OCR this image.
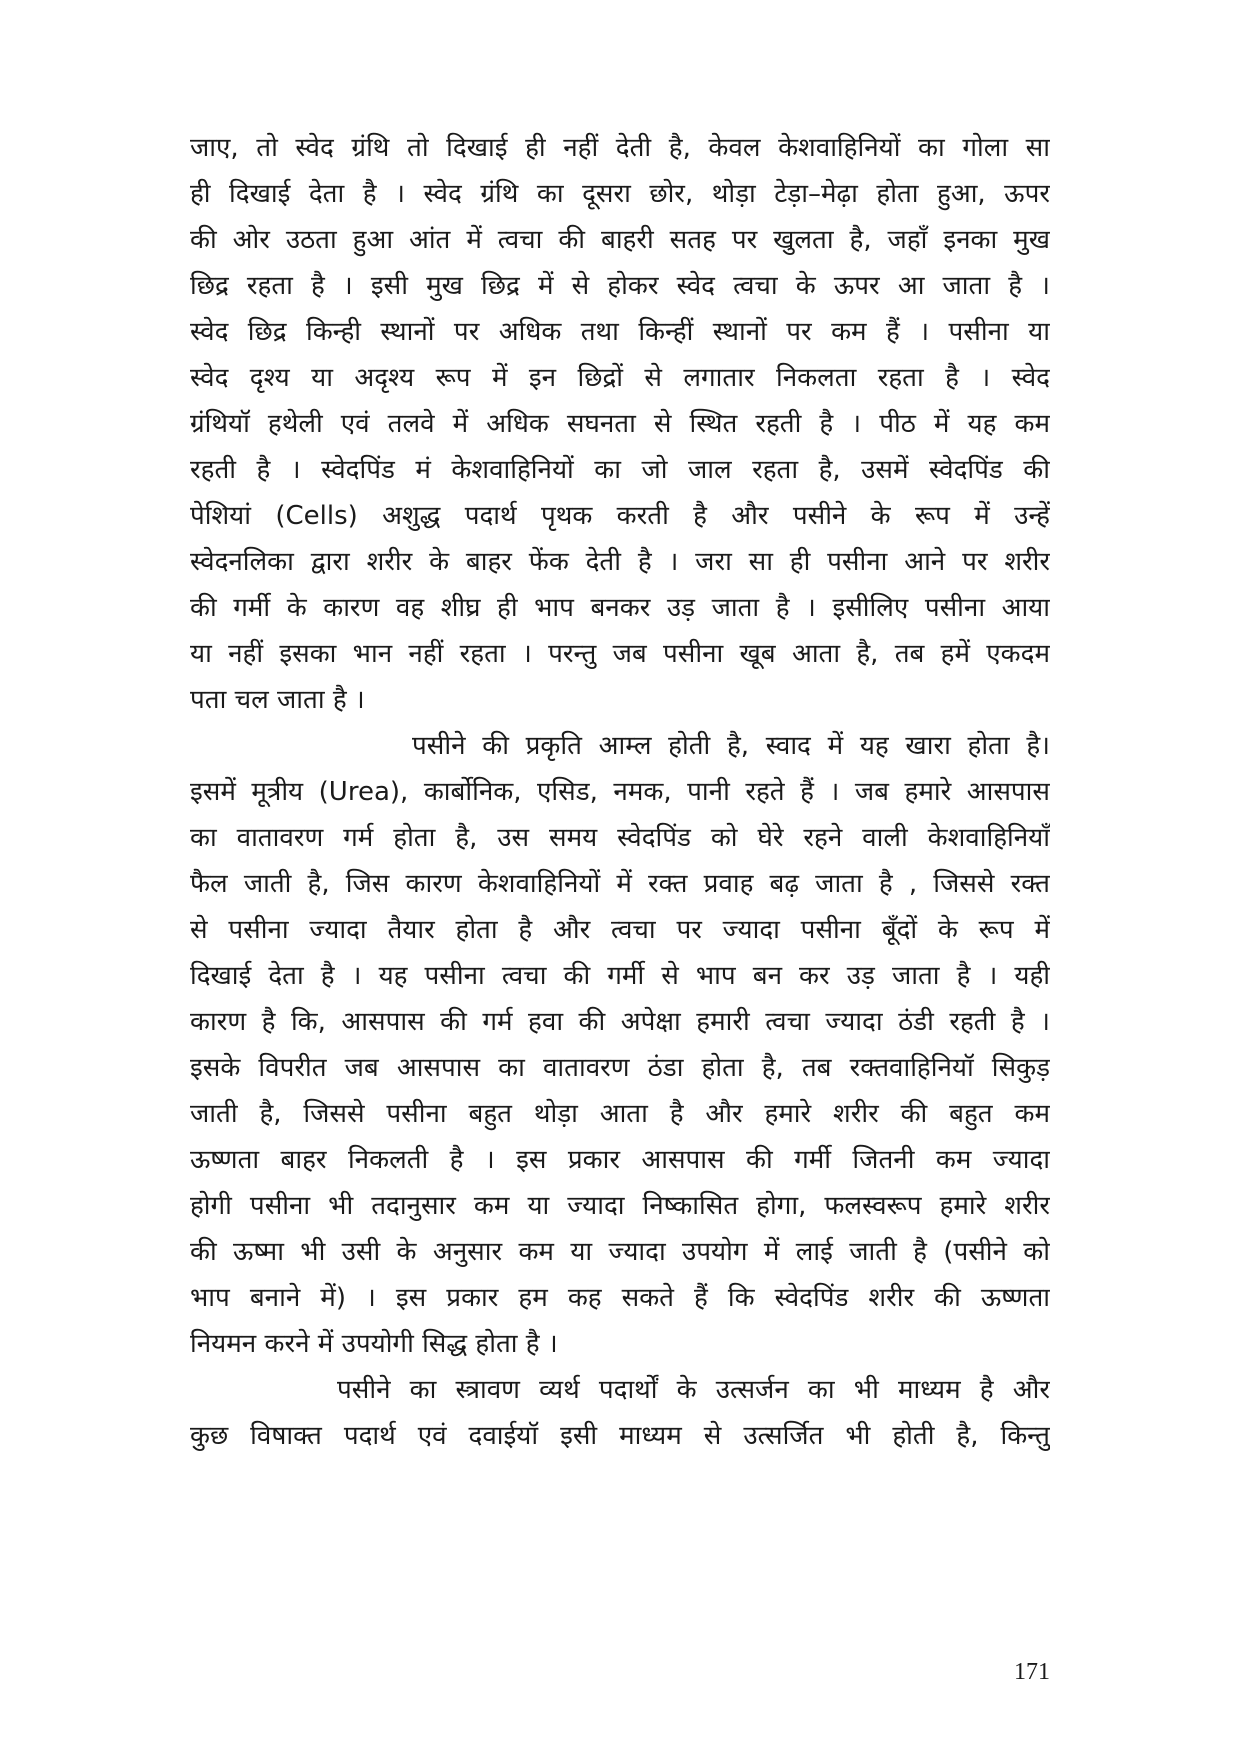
जाए, तो स्वेद ग्रंथि तो दिखाई ही नहीं देती है, केवल केशवाहिनियों का गोला सा
ही दिखाई देता है । स्वेद ग्रंथि का दूसरा छोर, थोड़ा टेड़ा–मेढ़ा होता हुआ, ऊपर
की ओर उठता हुआ आंत में त्वचा की बाहरी सतह पर खुलता है, जहाँ इनका मुख
छिद्र रहता है । इसी मुख छिद्र में से होकर स्वेद त्वचा के ऊपर आ जाता है ।
स्वेद छिद्र किन्ही स्थानों पर अधिक तथा किन्हीं स्थानों पर कम हैं । पसीना या
स्वेद दृश्य या अदृश्य रूप में इन छिद्रों से लगातार निकलता रहता है । स्वेद
ग्रंथियॉ हथेली एवं तलवे में अधिक सघनता से स्थित रहती है । पीठ में यह कम
रहती है । स्वेदपिंड मं केशवाहिनियों का जो जाल रहता है, उसमें स्वेदपिंड की
पेशियां (Cells) अशुद्ध पदार्थ पृथक करती है और पसीने के रूप में उन्हें
स्वेदनलिका द्वारा शरीर के बाहर फेंक देती है । जरा सा ही पसीना आने पर शरीर
की गर्मी के कारण वह शीघ्र ही भाप बनकर उड़ जाता है । इसीलिए पसीना आया
या नहीं इसका भान नहीं रहता । परन्तु जब पसीना खूब आता है, तब हमें एकदम
पता चल जाता है ।
पसीने की प्रकृति आम्ल होती है, स्वाद में यह खारा होता है।
इसमें मूत्रीय (Urea), कार्बोनिक, एसिड, नमक, पानी रहते हैं । जब हमारे आसपास
का वातावरण गर्म होता है, उस समय स्वेदपिंड को घेरे रहने वाली केशवाहिनियॉं
फैल जाती है, जिस कारण केशवाहिनियों में रक्त प्रवाह बढ़ जाता है , जिससे रक्त
से पसीना ज्यादा तैयार होता है और त्वचा पर ज्यादा पसीना बूँदों के रूप में
दिखाई देता है । यह पसीना त्वचा की गर्मी से भाप बन कर उड़ जाता है । यही
कारण है कि, आसपास की गर्म हवा की अपेक्षा हमारी त्वचा ज्यादा ठंडी रहती है ।
इसके विपरीत जब आसपास का वातावरण ठंडा होता है, तब रक्तवाहिनियॉ सिकुड़
जाती है, जिससे पसीना बहुत थोड़ा आता है और हमारे शरीर की बहुत कम
ऊष्णता बाहर निकलती है । इस प्रकार आसपास की गर्मी जितनी कम ज्यादा
होगी पसीना भी तदानुसार कम या ज्यादा निष्कासित होगा, फलस्वरूप हमारे शरीर
की ऊष्मा भी उसी के अनुसार कम या ज्यादा उपयोग में लाई जाती है (पसीने को
भाप बनाने में) । इस प्रकार हम कह सकते हैं कि स्वेदपिंड शरीर की ऊष्णता
नियमन करने में उपयोगी सिद्ध होता है ।
पसीने का स्त्रावण व्यर्थ पदार्थों के उत्सर्जन का भी माध्यम है और
कुछ विषाक्त पदार्थ एवं दवाईयॉ इसी माध्यम से उत्सर्जित भी होती है, किन्तु
171
